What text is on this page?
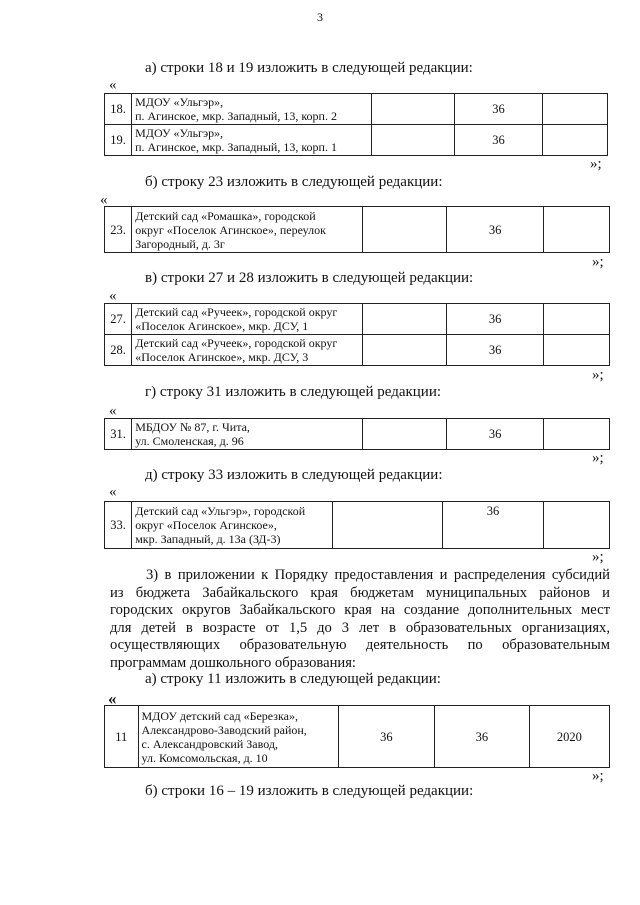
3
а) строки 18 и 19 изложить в следующей редакции:
«
18.	МДОУ «Ульгэр»,
п. Агинское, мкр. Западный, 13, корп. 2		36	
19.	МДОУ «Ульгэр»,
п. Агинское, мкр. Западный, 13, корп. 1		36	
»;
б) строку 23 изложить в следующей редакции:
«
23.	
Детский сад «Ромашка», городской
округ «Поселок Агинское», переулок
Загородный, д. 3г
		36	
»;
в) строки 27 и 28 изложить в следующей редакции:
«
27.	Детский сад «Ручеек», городской округ
«Поселок Агинское», мкр. ДСУ, 1		36	
28.	Детский сад «Ручеек», городской округ
«Поселок Агинское», мкр. ДСУ, 3		36	
»;
г) строку 31 изложить в следующей редакции:
«
31.	МБДОУ № 87, г. Чита,
ул. Смоленская, д. 96		36	
»;
д) строку 33 изложить в следующей редакции:
«
33.	
Детский сад «Ульгэр», городской
округ «Поселок Агинское»,
мкр. Западный, д. 13а (ЗД-3)
		36	
»;
3) в приложении к Порядку предоставления и распределения субсидий
из бюджета Забайкальского края бюджетам муниципальных районов и
городских округов Забайкальского края на создание дополнительных мест
для детей в возрасте от 1,5 до 3 лет в образовательных организациях,
осуществляющих образовательную деятельность по образовательным
программам дошкольного образования:
а) строку 11 изложить в следующей редакции:
«
11	
МДОУ детский сад «Березка»,
Александрово-Заводский район,
с. Александровский Завод,
ул. Комсомольская, д. 10
	36	36	2020
»;
б) строки 16 – 19 изложить в следующей редакции:
